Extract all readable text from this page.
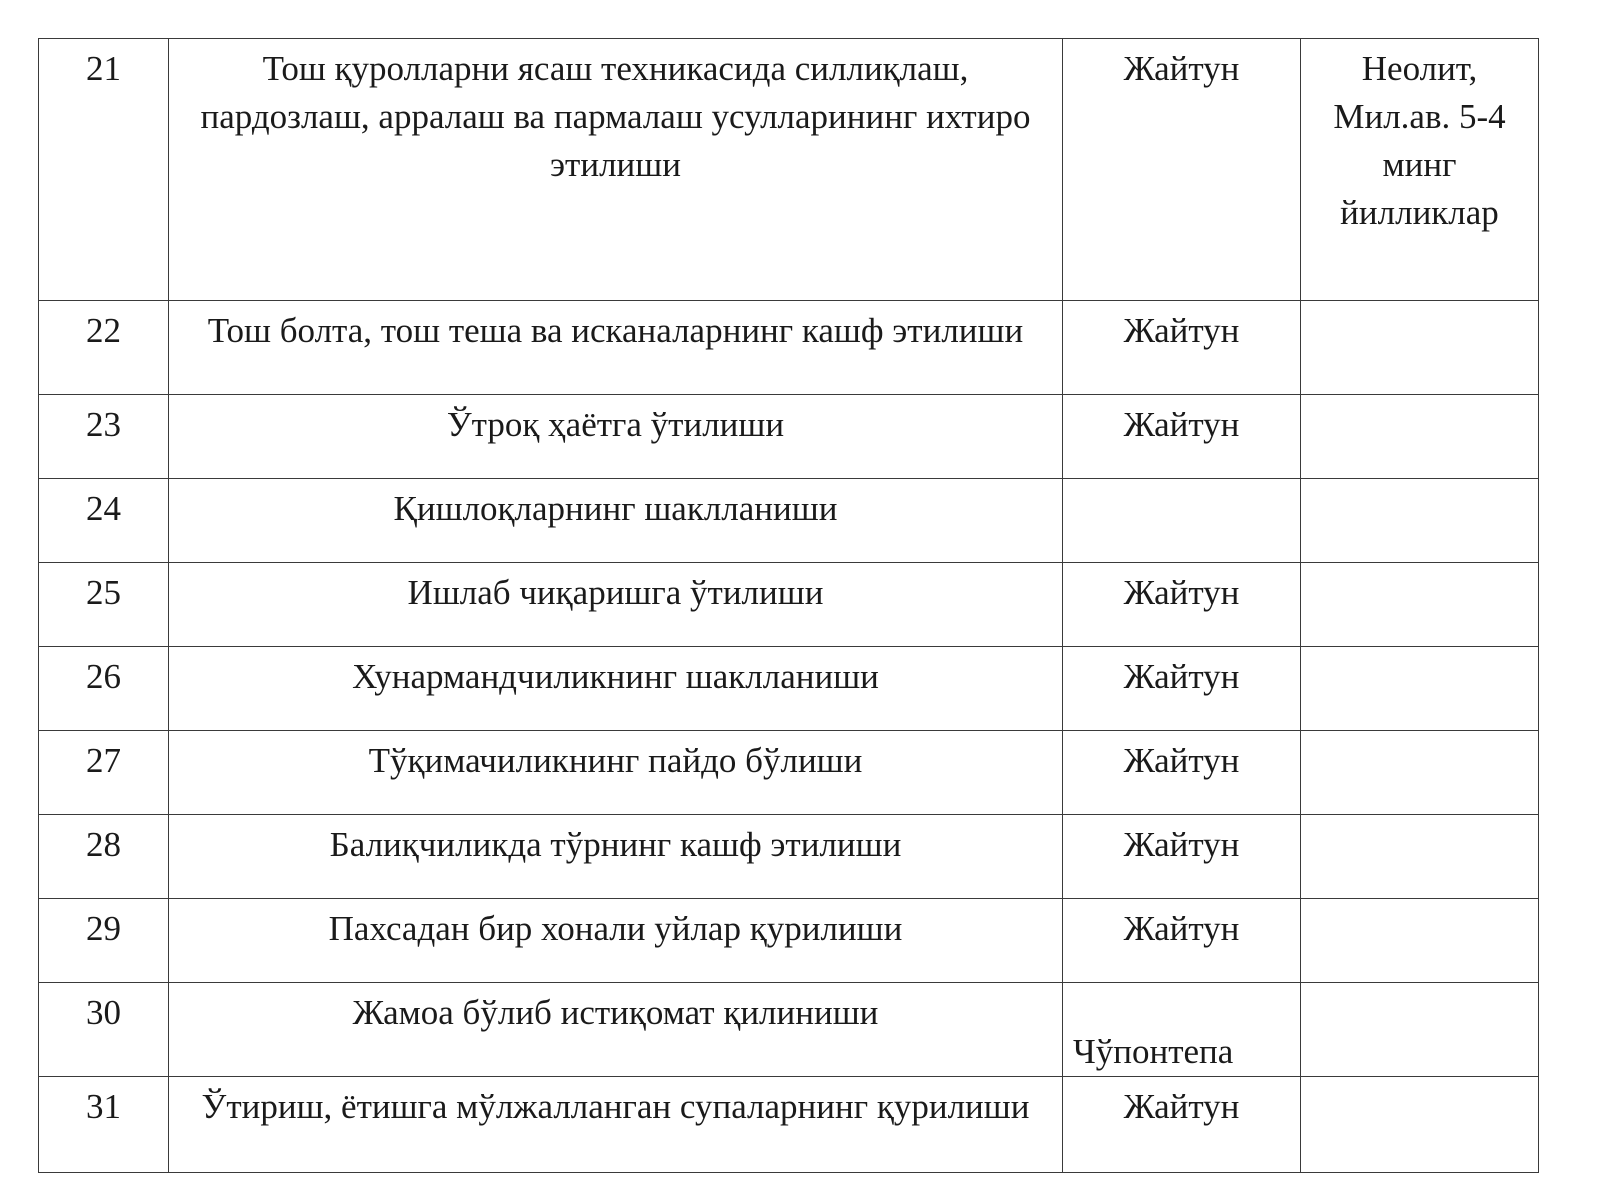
21	Тош қуролларни ясаш техникасида силлиқлаш, пардозлаш, арралаш ва пармалаш усулларининг ихтиро этилиши	Жайтун	Неолит, Мил.ав. 5-4 минг йилликлар
22	Тош болта, тош теша ва исканаларнинг кашф этилиши	Жайтун	
23	Ўтроқ ҳаётга ўтилиши	Жайтун	
24	Қишлоқларнинг шаклланиши		
25	Ишлаб чиқаришга ўтилиши	Жайтун	
26	Хунармандчиликнинг шаклланиши	Жайтун	
27	Тўқимачиликнинг пайдо бўлиши	Жайтун	
28	Балиқчиликда тўрнинг кашф этилиши	Жайтун	
29	Пахсадан бир хонали уйлар қурилиши	Жайтун	
30	Жамоа бўлиб истиқомат қилиниши	Чўпонтепа	
31	Ўтириш, ётишга мўлжалланган супаларнинг қурилиши	Жайтун	
